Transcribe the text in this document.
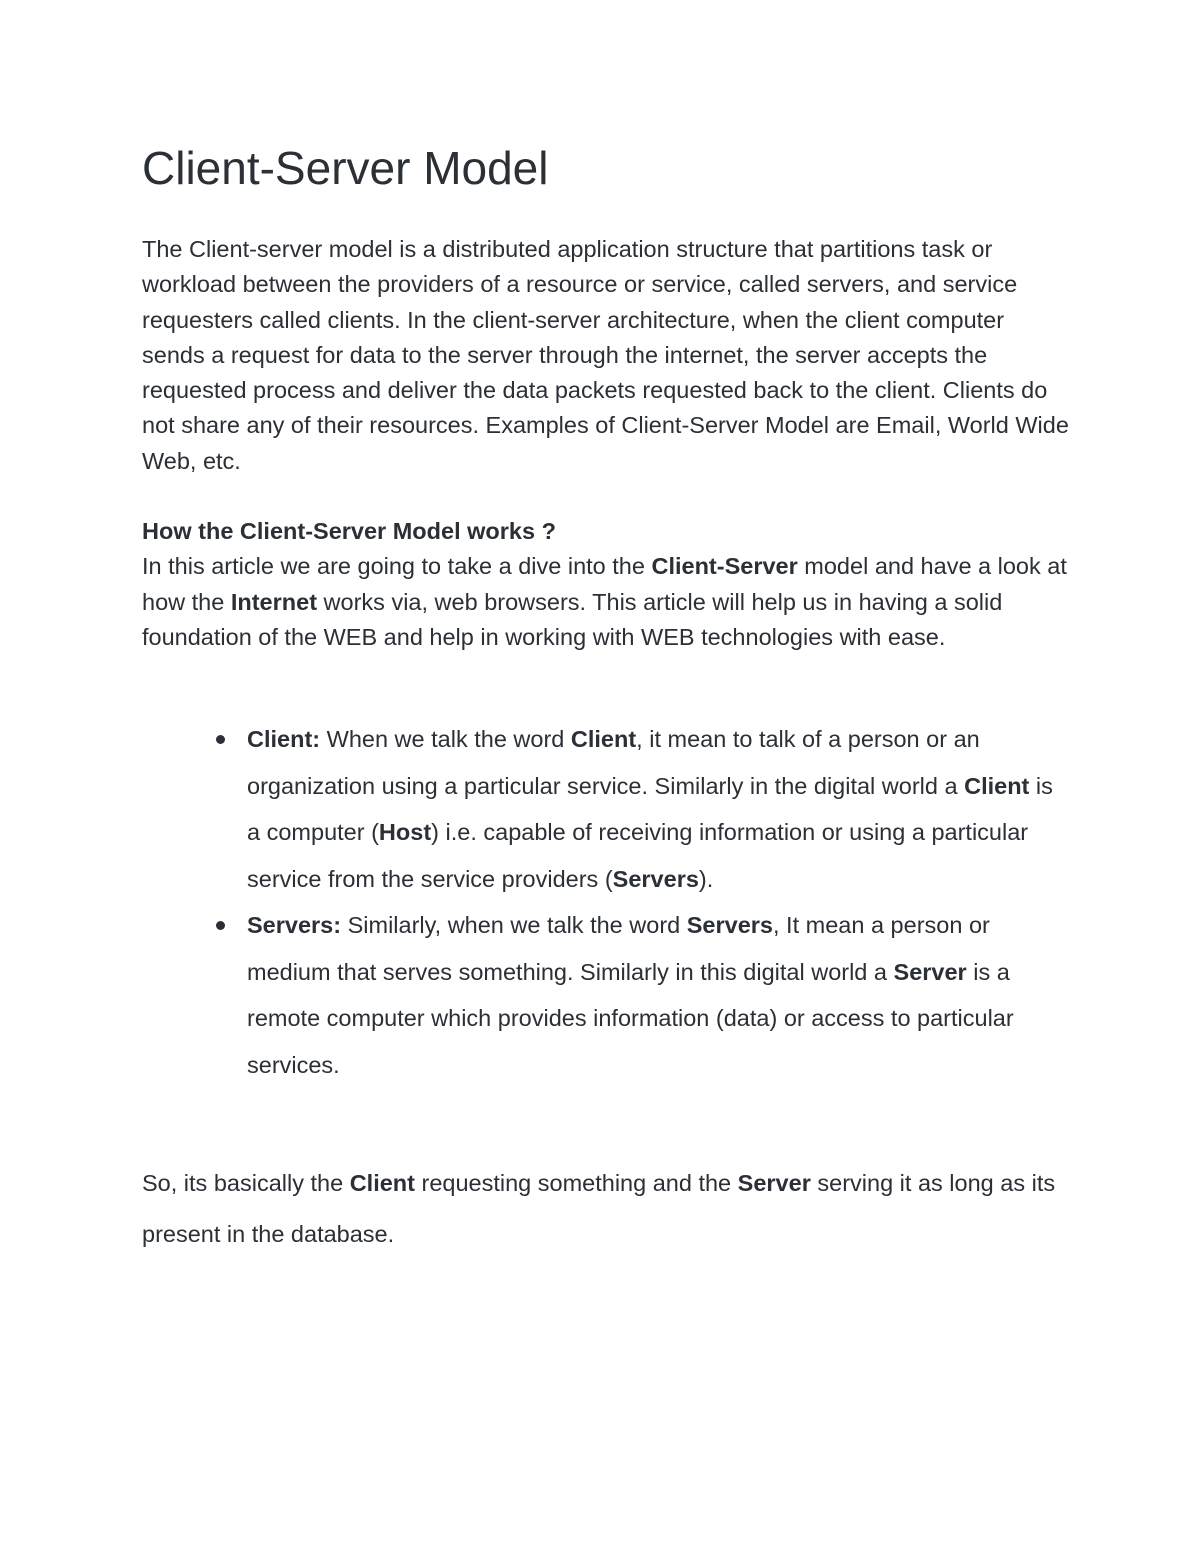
Client-Server Model

The Client-server model is a distributed application structure that partitions task or workload between the providers of a resource or service, called servers, and service requesters called clients. In the client-server architecture, when the client computer sends a request for data to the server through the internet, the server accepts the requested process and deliver the data packets requested back to the client. Clients do not share any of their resources. Examples of Client-Server Model are Email, World Wide Web, etc.

How the Client-Server Model works ?

In this article we are going to take a dive into the Client-Server model and have a look at how the Internet works via, web browsers. This article will help us in having a solid foundation of the WEB and help in working with WEB technologies with ease.

Client: When we talk the word Client, it mean to talk of a person or an organization using a particular service. Similarly in the digital world a Client is a computer (Host) i.e. capable of receiving information or using a particular service from the service providers (Servers).
Servers: Similarly, when we talk the word Servers, It mean a person or medium that serves something. Similarly in this digital world a Server is a remote computer which provides information (data) or access to particular services.

So, its basically the Client requesting something and the Server serving it as long as its present in the database.
